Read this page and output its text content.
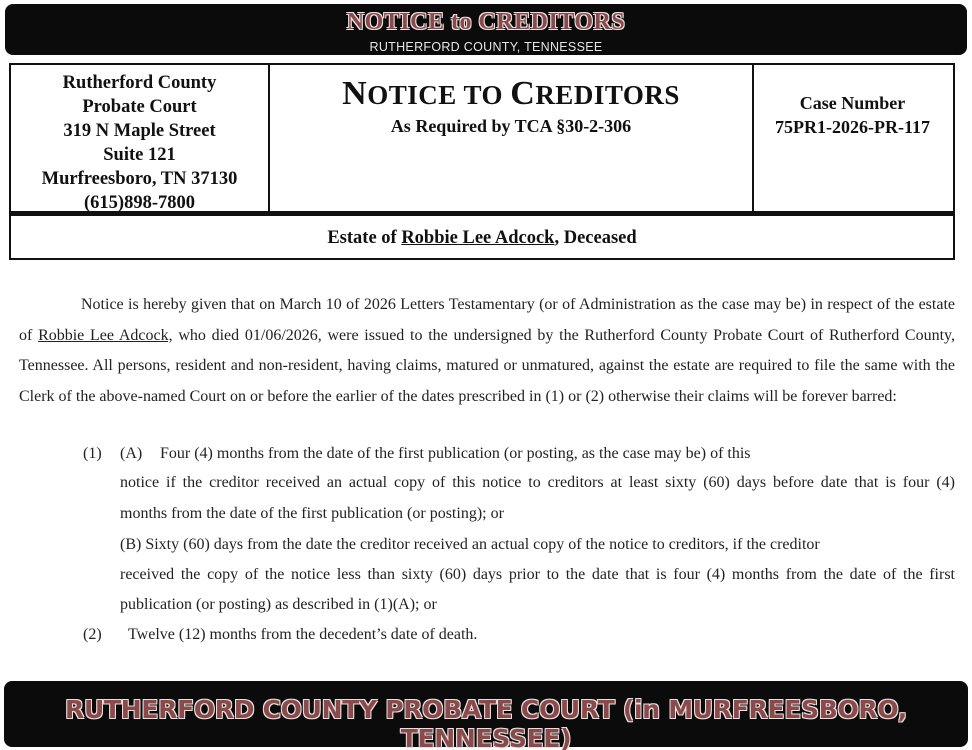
NOTICE to CREDITORS
RUTHERFORD COUNTY, TENNESSEE
Rutherford County
Probate Court
319 N Maple Street
Suite 121
Murfreesboro, TN 37130
(615)898-7800
NOTICE TO CREDITORS
As Required by TCA §30-2-306
Case Number
75PR1-2026-PR-117
Estate of Robbie Lee Adcock, Deceased
Notice is hereby given that on March 10 of 2026 Letters Testamentary (or of Administration as the case may be) in respect of the estate of Robbie Lee Adcock, who died 01/06/2026, were issued to the undersigned by the Rutherford County Probate Court of Rutherford County, Tennessee. All persons, resident and non-resident, having claims, matured or unmatured, against the estate are required to file the same with the Clerk of the above-named Court on or before the earlier of the dates prescribed in (1) or (2) otherwise their claims will be forever barred:
(1) (A) Four (4) months from the date of the first publication (or posting, as the case may be) of this
notice if the creditor received an actual copy of this notice to creditors at least sixty (60) days before date that is four (4)
months from the date of the first publication (or posting); or
(B) Sixty (60) days from the date the creditor received an actual copy of the notice to creditors, if the creditor
received the copy of the notice less than sixty (60) days prior to the date that is four (4) months from the date of the first
publication (or posting) as described in (1)(A); or
(2) Twelve (12) months from the decedent’s date of death.
RUTHERFORD COUNTY PROBATE COURT (in MURFREESBORO, TENNESSEE)
